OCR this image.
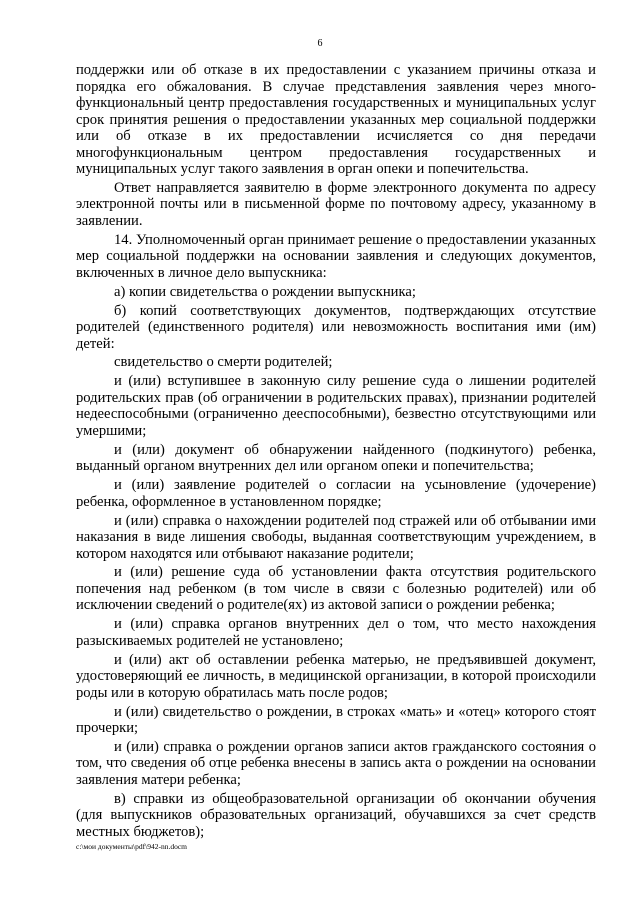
6

поддержки или об отказе в их предоставлении с указанием причины отказа и порядка его обжалования. В случае представления заявления через много-функциональный центр предоставления государственных и муниципальных услуг срок принятия решения о предоставлении указанных мер социальной поддержки или об отказе в их предоставлении исчисляется со дня передачи многофункциональным центром предоставления государственных и муниципальных услуг такого заявления в орган опеки и попечительства.

Ответ направляется заявителю в форме электронного документа по адресу электронной почты или в письменной форме по почтовому адресу, указанному в заявлении.

14. Уполномоченный орган принимает решение о предоставлении указанных мер социальной поддержки на основании заявления и следующих документов, включенных в личное дело выпускника:

а) копии свидетельства о рождении выпускника;

б) копий соответствующих документов, подтверждающих отсутствие родителей (единственного родителя) или невозможность воспитания ими (им) детей:

свидетельство о смерти родителей;

и (или) вступившее в законную силу решение суда о лишении родителей родительских прав (об ограничении в родительских правах), признании родителей недееспособными (ограниченно дееспособными), безвестно отсутствующими или умершими;

и (или) документ об обнаружении найденного (подкинутого) ребенка, выданный органом внутренних дел или органом опеки и попечительства;

и (или) заявление родителей о согласии на усыновление (удочерение) ребенка, оформленное в установленном порядке;

и (или) справка о нахождении родителей под стражей или об отбывании ими наказания в виде лишения свободы, выданная соответствующим учреждением, в котором находятся или отбывают наказание родители;

и (или) решение суда об установлении факта отсутствия родительского попечения над ребенком (в том числе в связи с болезнью родителей) или об исключении сведений о родителе(ях) из актовой записи о рождении ребенка;

и (или) справка органов внутренних дел о том, что место нахождения разыскиваемых родителей не установлено;

и (или) акт об оставлении ребенка матерью, не предъявившей документ, удостоверяющий ее личность, в медицинской организации, в которой происходили роды или в которую обратилась мать после родов;

и (или) свидетельство о рождении, в строках «мать» и «отец» которого стоят прочерки;

и (или) справка о рождении органов записи актов гражданского состояния о том, что сведения об отце ребенка внесены в запись акта о рождении на основании заявления матери ребенка;

в) справки из общеобразовательной организации об окончании обучения (для выпускников образовательных организаций, обучавшихся за счет средств местных бюджетов);

c:\мои документы\pdf\942-nn.docm
